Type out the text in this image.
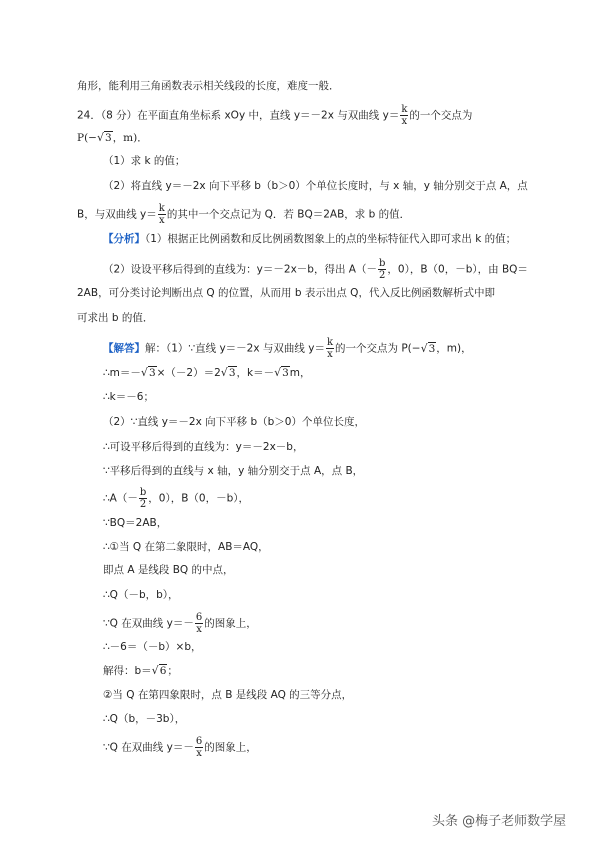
角形，能利用三角函数表示相关线段的长度，难度一般．
24．（8 分）在平面直角坐标系 xOy 中，直线 y＝－2x 与双曲线 $y= \frac{k}{x}$ 的一个交点为
P(− √ 3 ，m)．
（1）求 k 的值；
（2）将直线 y＝－2x 向下平移 b（b＞0）个单位长度时，与 x 轴，y 轴分别交于点 A，点
B，与双曲线 $y= \frac{k}{x}$ 的其中一个交点记为 Q．若 BQ＝2AB，求 b 的值．
【分析】（1）根据正比例函数和反比例函数图象上的点的坐标特征代入即可求出 k 的值；
（2）设设平移后得到的直线为：y＝－2x－b，得出 $A(- \frac{b}{2}$ ，0），B（0，－b），由 BQ＝
2AB，可分类讨论判断出点 Q 的位置，从而用 b 表示出点 Q，代入反比例函数解析式中即
可求出 b 的值．
【解答】解：（1）∵直线 y＝－2x 与双曲线 $y= \frac{k}{x}$ 的一个交点为 P(− √ 3 ，m)，
∴m＝－ √ 3 ×（－2）＝2 √ 3 ，k＝－ √ 3 m，
∴k＝－6；
（2）∵直线 y＝－2x 向下平移 b（b＞0）个单位长度，
∴可设平移后得到的直线为：y＝－2x－b，
∵平移后得到的直线与 x 轴，y 轴分别交于点 A，点 B，
∴A（－ $\frac{b}{2}$ ，0），B（0，－b），
∵BQ＝2AB，
∴①当 Q 在第二象限时，AB＝AQ，
即点 A 是线段 BQ 的中点，
∴Q（－b，b），
∵Q 在双曲线 $y=- \frac{6}{x}$ 的图象上，
∴－6＝（－b）×b，
解得：b＝ √ 6 ；
②当 Q 在第四象限时，点 B 是线段 AQ 的三等分点，
∴Q（b，－3b），
∵Q 在双曲线 $y=- \frac{6}{x}$ 的图象上，
头条 @梅子老师数学屋
